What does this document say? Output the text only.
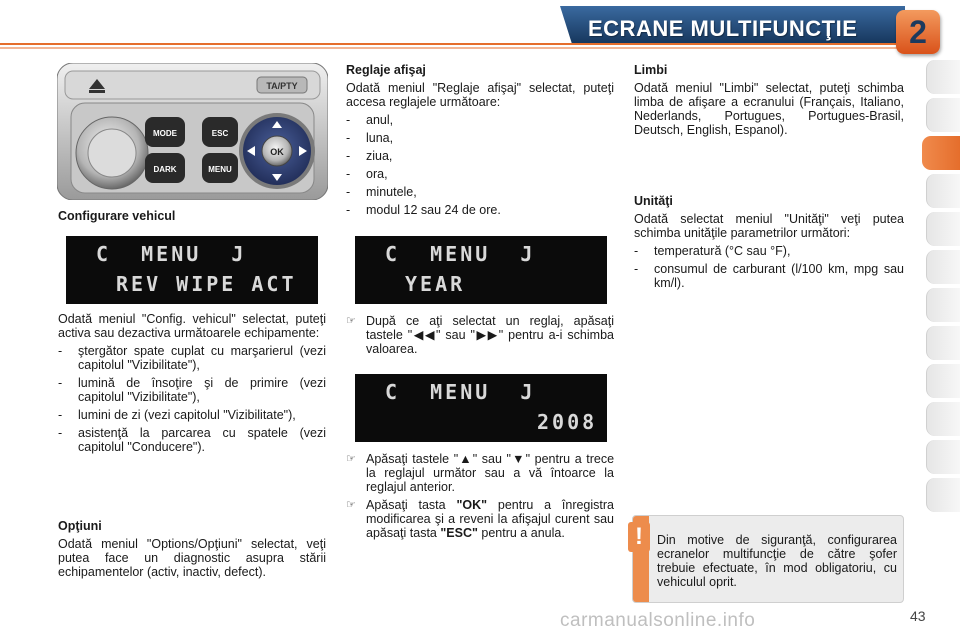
ECRANE MULTIFUNCŢIE	2
TA/PTY
MODE
DARK
ESC
MENU
OK
Configurare vehicul
C  MENU  J
REV WIPE ACT
C  MENU  J
YEAR
C  MENU  J
2008

Odată meniul "Config. vehicul" selectat, puteţi activa sau dezactiva următoarele echipamente:

- ştergător spate cuplat cu marşarierul (vezi capitolul "Vizibilitate"),
- lumină de însoţire şi de primire (vezi capitolul "Vizibilitate"),
- lumini de zi (vezi capitolul "Vizibilitate"),
- asistenţă la parcarea cu spatele (vezi capitolul "Conducere").
Opţiuni

Odată meniul "Options/Opţiuni" selectat, veţi putea face un diagnostic asupra stării echipamentelor (activ, inactiv, defect).

Reglaje afişaj

Odată meniul "Reglaje afişaj" selectat, puteţi accesa reglajele următoare:

- anul,
- luna,
- ziua,
- ora,
- minutele,
- modul 12 sau 24 de ore.
☞ După ce aţi selectat un reglaj, apăsaţi tastele "◀◀" sau "▶▶" pentru a-i schimba valoarea.
☞ Apăsaţi tastele "▲" sau "▼" pentru a trece la reglajul următor sau a vă întoarce la reglajul anterior.
☞ Apăsaţi tasta "OK" pentru a înregistra modificarea şi a reveni la afişajul curent sau apăsaţi tasta "ESC" pentru a anula.
Limbi

Odată meniul "Limbi" selectat, puteţi schimba limba de afişare a ecranului (Français, Italiano, Nederlands, Portugues, Portugues-Brasil, Deutsch, English, Espanol).

Unităţi

Odată selectat meniul "Unităţi" veţi putea schimba unităţile parametrilor următori:

- temperatură (°C sau °F),
- consumul de carburant (l/100 km, mpg sau km/l).
Din motive de siguranţă, configurarea ecranelor multifuncţie de către şofer trebuie efectuate, în mod obligatoriu, cu vehiculul oprit.
!
carmanualsonline.info	43
